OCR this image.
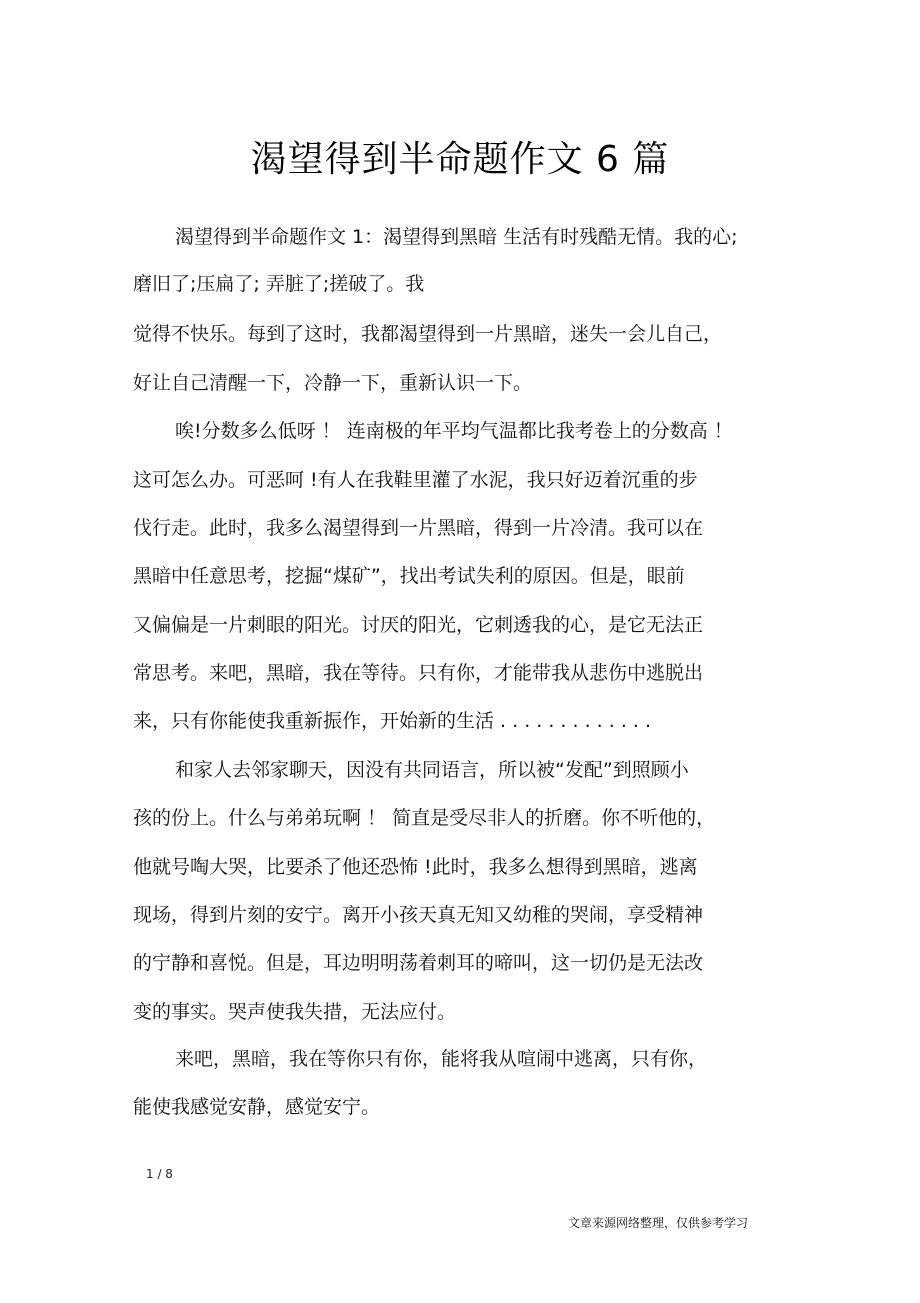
渴望得到半命题作文 6 篇
渴望得到半命题作文 1：渴望得到黑暗 生活有时残酷无情。我的心;
磨旧了;压扁了; 弄脏了;搓破了。我
觉得不快乐。每到了这时，我都渴望得到一片黑暗，迷失一会儿自己，
好让自己清醒一下，冷静一下，重新认识一下。
唉!分数多么低呀 ！ 连南极的年平均气温都比我考卷上的分数高 ！
这可怎么办。可恶呵 !有人在我鞋里灌了水泥，我只好迈着沉重的步
伐行走。此时，我多么渴望得到一片黑暗，得到一片冷清。我可以在
黑暗中任意思考，挖掘“煤矿”，找出考试失利的原因。但是，眼前
又偏偏是一片刺眼的阳光。讨厌的阳光，它刺透我的心，是它无法正
常思考。来吧，黑暗，我在等待。只有你，才能带我从悲伤中逃脱出
来，只有你能使我重新振作，开始新的生活 . . . . . . . . . . . . .
和家人去邻家聊天，因没有共同语言，所以被“发配”到照顾小
孩的份上。什么与弟弟玩啊 ！ 简直是受尽非人的折磨。你不听他的，
他就号啕大哭，比要杀了他还恐怖 !此时，我多么想得到黑暗，逃离
现场，得到片刻的安宁。离开小孩天真无知又幼稚的哭闹，享受精神
的宁静和喜悦。但是，耳边明明荡着刺耳的啼叫，这一切仍是无法改
变的事实。哭声使我失措，无法应付。
来吧，黑暗，我在等你只有你，能将我从喧闹中逃离，只有你，
能使我感觉安静，感觉安宁。
1 / 8
文章来源网络整理，仅供参考学习
